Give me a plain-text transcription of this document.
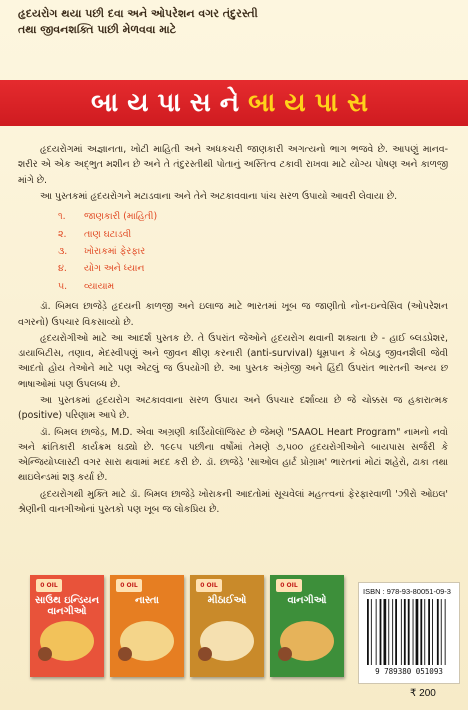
હૃદયરોગ થયા પછી દવા અને ઓપરેશન વગર તંદુરસ્તી
તથા જીવનશક્તિ પાછી મેળવવા માટે
બાયપાસને બાયપાસ

હૃદયરોગમાં અજ્ઞાનતા, ખોટી માહિતી અને અધકચરી જાણકારી અગત્યનો ભાગ ભજવે છે. આપણું માનવ-શરીર એ એક અદ્ભુત મશીન છે અને તે તંદુરસ્તીથી પોતાનું અસ્તિત્વ ટકાવી રાખવા માટે યોગ્ય પોષણ અને કાળજી માંગે છે.

આ પુસ્તકમાં હૃદયરોગને મટાડવાના અને તેને અટકાવવાના પાંચ સરળ ઉપાયો આવરી લેવાયા છે.

૧.	જાણકારી (માહિતી)
૨.	તાણ ઘટાડવી
૩.	ખોરાકમાં ફેરફાર
૪.	યોગ અને ધ્યાન
૫.	વ્યાયામ

ડૉ. બિમલ છાજેડ઼ે હૃદયની કાળજી અને ઇલાજ માટે ભારતમાં ખૂબ જ જાણીતો નોન-ઇન્વેસિવ (ઓપરેશન વગરનો) ઉપચાર વિકસાવ્યો છે.

હૃદયરોગીઓ માટે આ આદર્શ પુસ્તક છે. તે ઉપરાંત જેઓને હૃદયરોગ થવાની શક્યતા છે - હાઈ બ્લડપ્રેશર, ડાયાબિટીસ, તણાવ, મેદસ્વીપણું અને જીવન ક્ષીણ કરનારી (anti-survival) ધૂમ્રપાન કે બેઠાડુ જીવનશૈલી જેવી આદતો હોય તેઓને માટે પણ એટલું જ ઉપયોગી છે. આ પુસ્તક અંગ્રેજી અને હિંદી ઉપરાંત ભારતની અન્ય છ ભાષાઓમાં પણ ઉપલબ્ધ છે.

આ પુસ્તકમાં હૃદયરોગ અટકાવવાના સરળ ઉપાય અને ઉપચાર દર્શાવ્યા છે જે ચોક્કસ જ હકારાત્મક (positive) પરિણામ આપે છે.

ડૉ. બિમલ છાજેડ઼, M.D. એવા અગ્રણી કાર્ડિયોલૉજિસ્ટ છે જેમણે "SAAOL Heart Program" નામનો નવો અને ક્રાંતિકારી કાર્યક્રમ ઘડ્યો છે. ૧૯૯૫ પછીના વર્ષોમાં તેમણે ૭,૫૦૦ હૃદયરોગીઓને બાયપાસ સર્જરી કે એન્જિયોપ્લાસ્ટી વગર સારા થવામાં મદદ કરી છે. ડૉ. છાજેડ઼ે 'સાઓલ હાર્ટ પ્રોગ્રામ' ભારતનાં મોટાં શહેરો, ઢાકા તથા થાઇલેન્ડમાં શરૂ કર્યા છે.

હૃદયરોગથી મુક્તિ માટે ડૉ. બિમલ છાજેડ઼ે ખોરાકની આદતોમાં સૂચવેલાં મહત્ત્વનાં ફેરફારવાળી 'ઝીરો ઓઇલ' શ્રેણીની વાનગીઓનાં પુસ્તકો પણ ખૂબ જ લોકપ્રિય છે.

0 OIL
સાઉથ ઇન્ડિયન વાનગીઓ
0 OIL
નાસ્તા
0 OIL
મીઠાઈઓ
0 OIL
વાનગીઓ
ISBN : 978-93-80051-09-3
9 789380 051093
₹ 200
